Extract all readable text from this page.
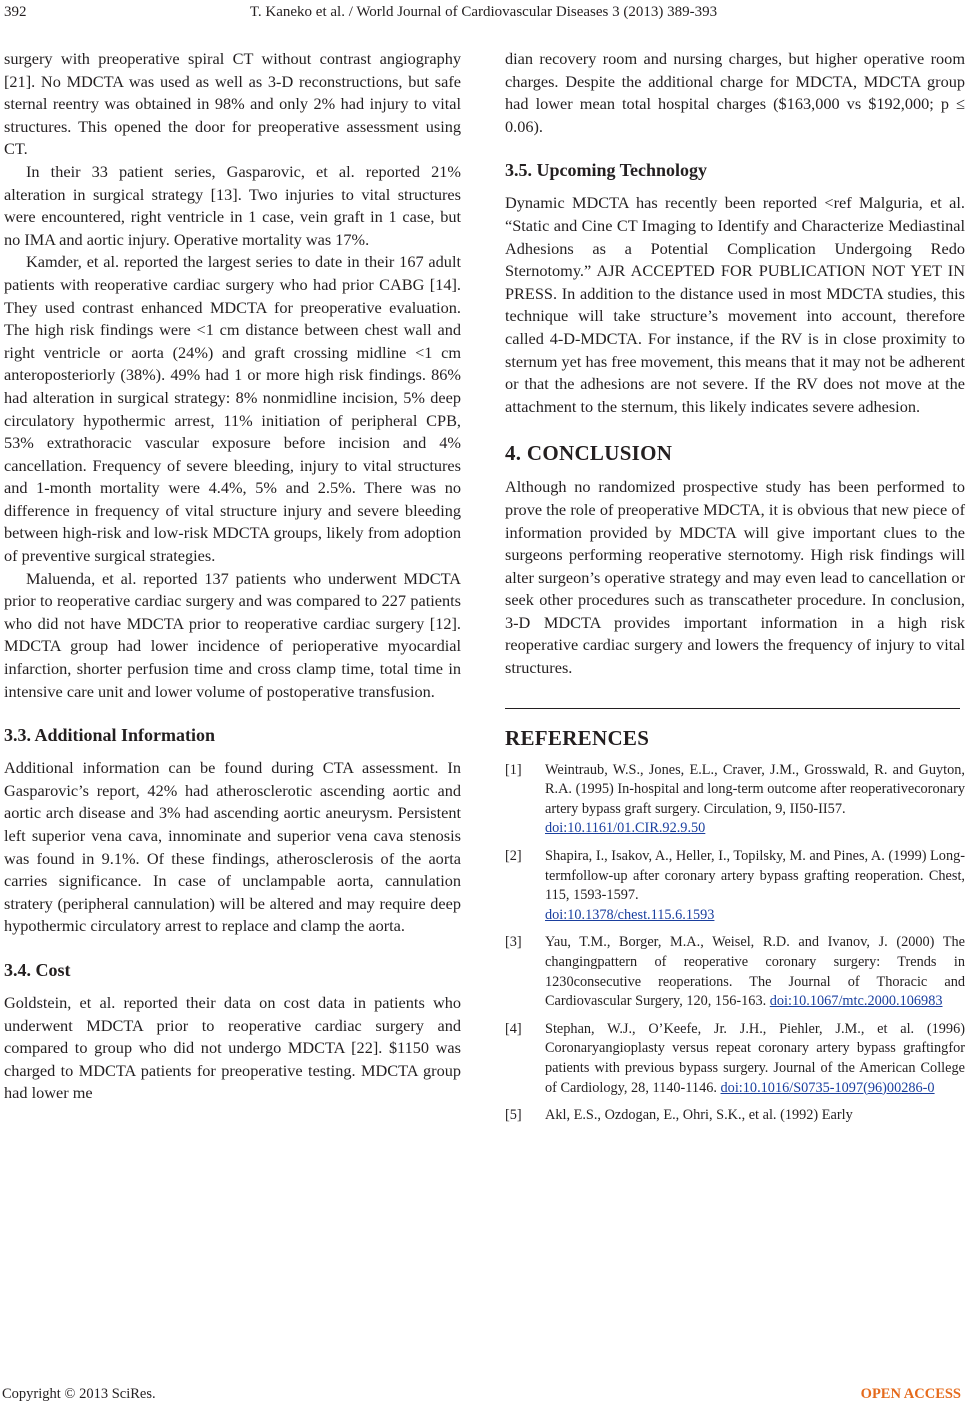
392	T. Kaneko et al. / World Journal of Cardiovascular Diseases 3 (2013) 389-393

surgery with preoperative spiral CT without contrast angiography [21]. No MDCTA was used as well as 3-D reconstructions, but safe sternal reentry was obtained in 98% and only 2% had injury to vital structures. This opened the door for preoperative assessment using CT.

In their 33 patient series, Gasparovic, et al. reported 21% alteration in surgical strategy [13]. Two injuries to vital structures were encountered, right ventricle in 1 case, vein graft in 1 case, but no IMA and aortic injury. Operative mortality was 17%.

Kamder, et al. reported the largest series to date in their 167 adult patients with reoperative cardiac surgery who had prior CABG [14]. They used contrast enhanced MDCTA for preoperative evaluation. The high risk findings were <1 cm distance between chest wall and right ventricle or aorta (24%) and graft crossing midline <1 cm anteroposteriorly (38%). 49% had 1 or more high risk findings. 86% had alteration in surgical strategy: 8% nonmidline incision, 5% deep circulatory hypothermic arrest, 11% initiation of peripheral CPB, 53% extrathoracic vascular exposure before incision and 4% cancellation. Frequency of severe bleeding, injury to vital structures and 1-month mortality were 4.4%, 5% and 2.5%. There was no difference in frequency of vital structure injury and severe bleeding between high-risk and low-risk MDCTA groups, likely from adoption of preventive surgical strategies.

Maluenda, et al. reported 137 patients who underwent MDCTA prior to reoperative cardiac surgery and was compared to 227 patients who did not have MDCTA prior to reoperative cardiac surgery [12]. MDCTA group had lower incidence of perioperative myocardial infarction, shorter perfusion time and cross clamp time, total time in intensive care unit and lower volume of postoperative transfusion.

3.3. Additional Information

Additional information can be found during CTA assessment. In Gasparovic’s report, 42% had atherosclerotic ascending aortic and aortic arch disease and 3% had ascending aortic aneurysm. Persistent left superior vena cava, innominate and superior vena cava stenosis was found in 9.1%. Of these findings, atherosclerosis of the aorta carries significance. In case of unclampable aorta, cannulation stratery (peripheral cannulation) will be altered and may require deep hypothermic circulatory arrest to replace and clamp the aorta.

3.4. Cost

Goldstein, et al. reported their data on cost data in patients who underwent MDCTA prior to reoperative cardiac surgery and compared to group who did not undergo MDCTA [22]. $1150 was charged to MDCTA patients for preoperative testing. MDCTA group had lower me

dian recovery room and nursing charges, but higher operative room charges. Despite the additional charge for MDCTA, MDCTA group had lower mean total hospital charges ($163,000 vs $192,000; p ≤ 0.06).

3.5. Upcoming Technology

Dynamic MDCTA has recently been reported <ref Malguria, et al. “Static and Cine CT Imaging to Identify and Characterize Mediastinal Adhesions as a Potential Complication Undergoing Redo Sternotomy.” AJR ACCEPTED FOR PUBLICATION NOT YET IN PRESS. In addition to the distance used in most MDCTA studies, this technique will take structure’s movement into account, therefore called 4-D-MDCTA. For instance, if the RV is in close proximity to sternum yet has free movement, this means that it may not be adherent or that the adhesions are not severe. If the RV does not move at the attachment to the sternum, this likely indicates severe adhesion.

4. CONCLUSION

Although no randomized prospective study has been performed to prove the role of preoperative MDCTA, it is obvious that new piece of information provided by MDCTA will give important clues to the surgeons performing reoperative sternotomy. High risk findings will alter surgeon’s operative strategy and may even lead to cancellation or seek other procedures such as transcatheter procedure. In conclusion, 3-D MDCTA provides important information in a high risk reoperative cardiac surgery and lowers the frequency of injury to vital structures.

REFERENCES
[1] Weintraub, W.S., Jones, E.L., Craver, J.M., Grosswald, R. and Guyton, R.A. (1995) In-hospital and long-term outcome after reoperativecoronary artery bypass graft surgery. Circulation, 9, II50-II57.
doi:10.1161/01.CIR.92.9.50
[2] Shapira, I., Isakov, A., Heller, I., Topilsky, M. and Pines, A. (1999) Long-termfollow-up after coronary artery bypass grafting reoperation. Chest, 115, 1593-1597.
doi:10.1378/chest.115.6.1593
[3] Yau, T.M., Borger, M.A., Weisel, R.D. and Ivanov, J. (2000) The changingpattern of reoperative coronary surgery: Trends in 1230consecutive reoperations. The Journal of Thoracic and Cardiovascular Surgery, 120, 156-163. doi:10.1067/mtc.2000.106983
[4] Stephan, W.J., O’Keefe, Jr. J.H., Piehler, J.M., et al. (1996) Coronaryangioplasty versus repeat coronary artery bypass graftingfor patients with previous bypass surgery. Journal of the American College of Cardiology, 28, 1140-1146. doi:10.1016/S0735-1097(96)00286-0
[5] Akl, E.S., Ozdogan, E., Ohri, S.K., et al. (1992) Early
Copyright © 2013 SciRes.	OPEN ACCESS
